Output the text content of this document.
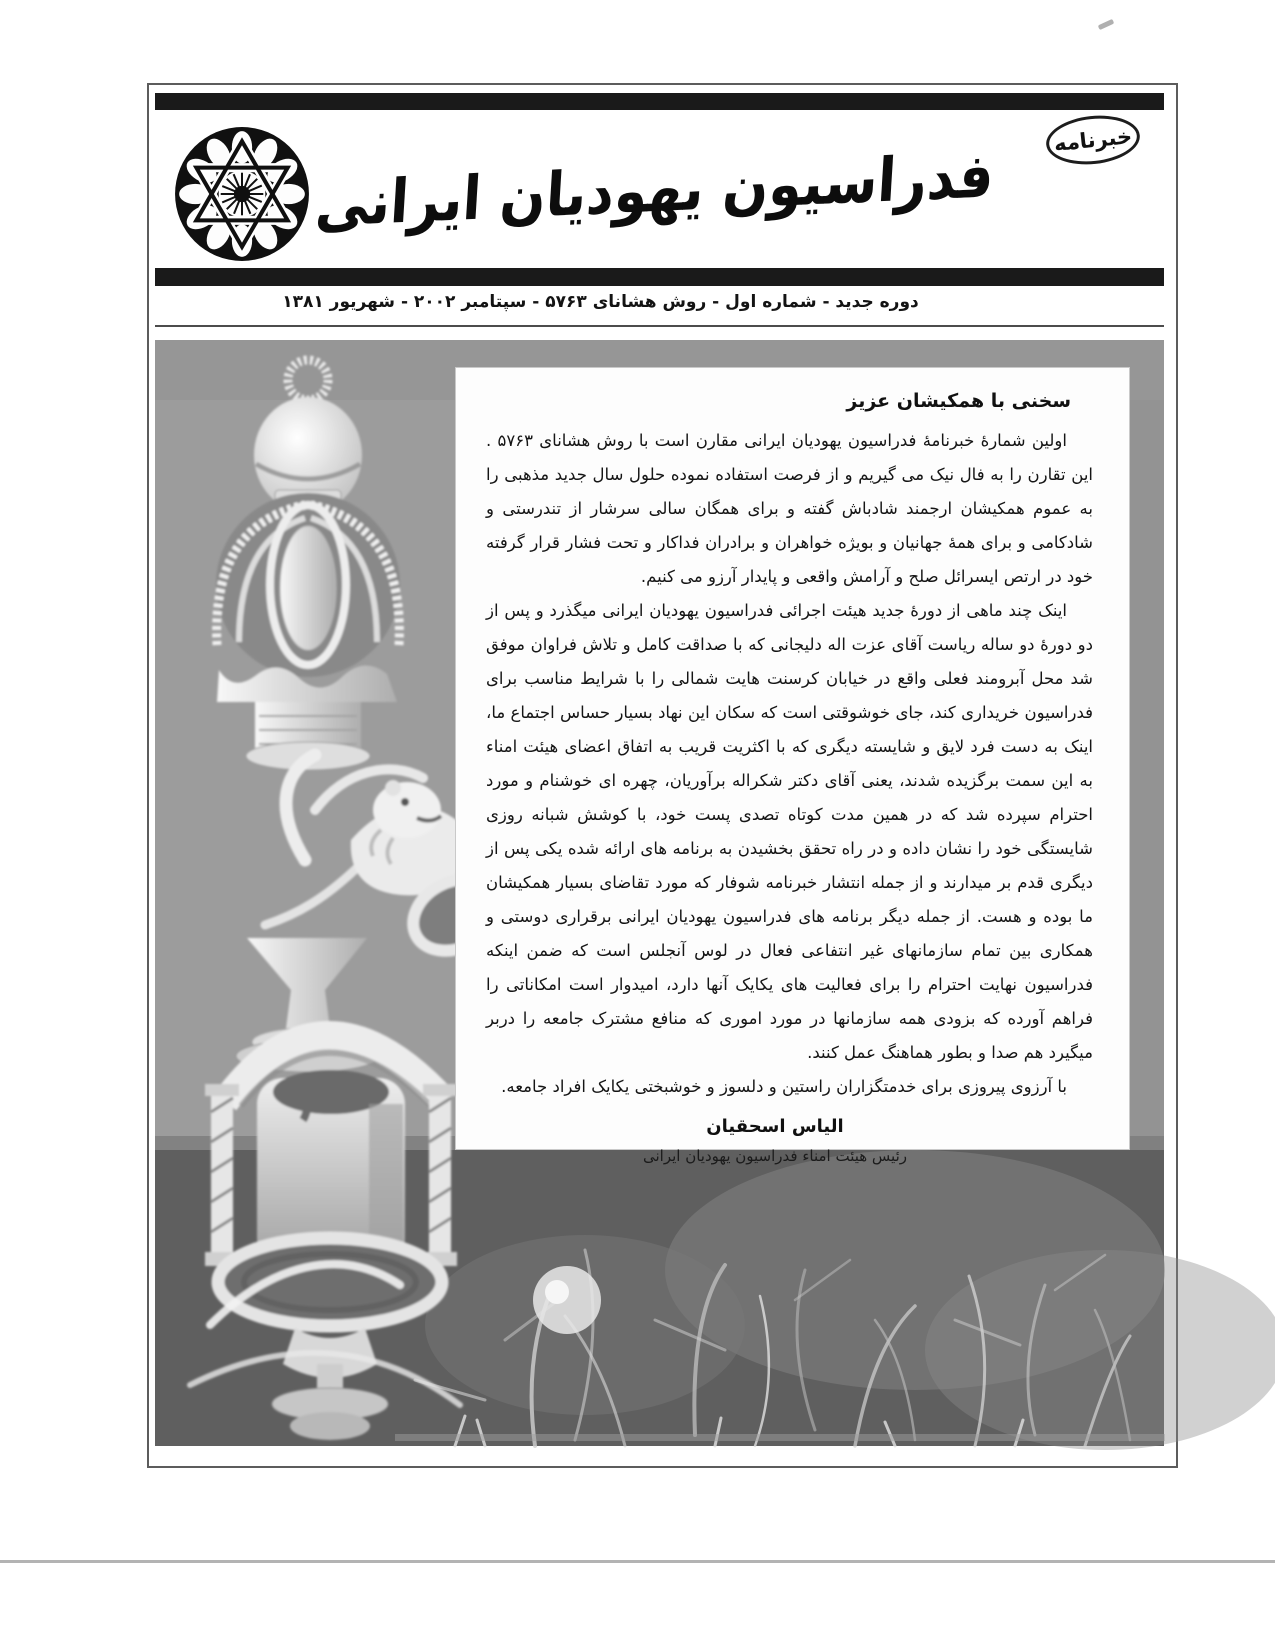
فدراسیون یهودیان ایرانی
خبرنامه
دوره جدید - شماره اول - روش هشانای ۵۷۶۳ - سپتامبر ۲۰۰۲ - شهریور ۱۳۸۱
سخنی با همکیشان عزیز

اولین شمارهٔ خبرنامهٔ فدراسیون یهودیان ایرانی مقارن است با روش هشانای ۵۷۶۳ . این تقارن را به فال نیک می گیریم و از فرصت استفاده نموده حلول سال جدید مذهبی را به عموم همکیشان ارجمند شادباش گفته و برای همگان سالی سرشار از تندرستی و شادکامی و برای همهٔ جهانیان و بویژه خواهران و برادران فداکار و تحت فشار قرار گرفته خود در ارتص ایسرائل صلح و آرامش واقعی و پایدار آرزو می کنیم.

اینک چند ماهی از دورهٔ جدید هیئت اجرائی فدراسیون یهودیان ایرانی میگذرد و پس از دو دورهٔ دو ساله ریاست آقای عزت اله دلیجانی که با صداقت کامل و تلاش فراوان موفق شد محل آبرومند فعلی واقع در خیابان کرسنت هایت شمالی را با شرایط مناسب برای فدراسیون خریداری کند، جای خوشوقتی است که سکان این نهاد بسیار حساس اجتماع ما، اینک به دست فرد لایق و شایسته دیگری که با اکثریت قریب به اتفاق اعضای هیئت امناء به این سمت برگزیده شدند، یعنی آقای دکتر شکراله برآوریان، چهره ای خوشنام و مورد احترام سپرده شد که در همین مدت کوتاه تصدی پست خود، با کوشش شبانه روزی شایستگی خود را نشان داده و در راه تحقق بخشیدن به برنامه های ارائه شده یکی پس از دیگری قدم بر میدارند و از جمله انتشار خبرنامه شوفار که مورد تقاضای بسیار همکیشان ما بوده و هست. از جمله دیگر برنامه های فدراسیون یهودیان ایرانی برقراری دوستی و همکاری بین تمام سازمانهای غیر انتفاعی فعال در لوس آنجلس است که ضمن اینکه فدراسیون نهایت احترام را برای فعالیت های یکایک آنها دارد، امیدوار است امکاناتی را فراهم آورده که بزودی همه سازمانها در مورد اموری که منافع مشترک جامعه را دربر میگیرد هم صدا و بطور هماهنگ عمل کنند.

با آرزوی پیروزی برای خدمتگزاران راستین و دلسوز و خوشبختی یکایک افراد جامعه.

الیاس اسحقیان
رئیس هیئت امناء فدراسیون یهودیان ایرانی
